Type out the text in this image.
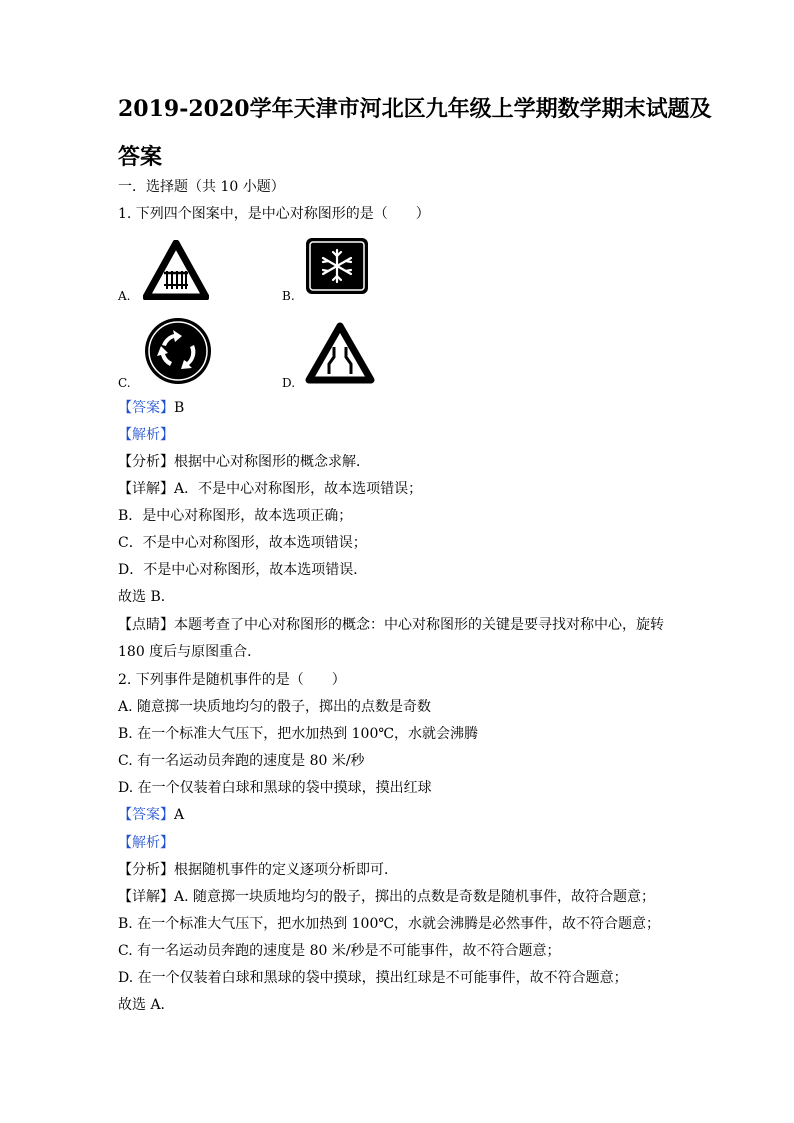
2019-2020学年天津市河北区九年级上学期数学期末试题及
答案
一．选择题（共 10 小题）
1. 下列四个图案中，是中心对称图形的是（　　）
A.	B.
C.	D.
【答案】B
【解析】
【分析】根据中心对称图形的概念求解．
【详解】A．不是中心对称图形，故本选项错误；
B．是中心对称图形，故本选项正确；
C．不是中心对称图形，故本选项错误；
D．不是中心对称图形，故本选项错误．
故选 B．
【点睛】本题考查了中心对称图形的概念：中心对称图形的关键是要寻找对称中心，旋转
180 度后与原图重合．
2. 下列事件是随机事件的是（　　）
A. 随意掷一块质地均匀的骰子，掷出的点数是奇数
B. 在一个标准大气压下，把水加热到 100℃，水就会沸腾
C. 有一名运动员奔跑的速度是 80 米/秒
D. 在一个仅装着白球和黑球的袋中摸球，摸出红球
【答案】A
【解析】
【分析】根据随机事件的定义逐项分析即可．
【详解】A. 随意掷一块质地均匀的骰子，掷出的点数是奇数是随机事件，故符合题意；
B. 在一个标准大气压下，把水加热到 100℃，水就会沸腾是必然事件，故不符合题意；
C. 有一名运动员奔跑的速度是 80 米/秒是不可能事件，故不符合题意；
D. 在一个仅装着白球和黑球的袋中摸球，摸出红球是不可能事件，故不符合题意；
故选 A．
